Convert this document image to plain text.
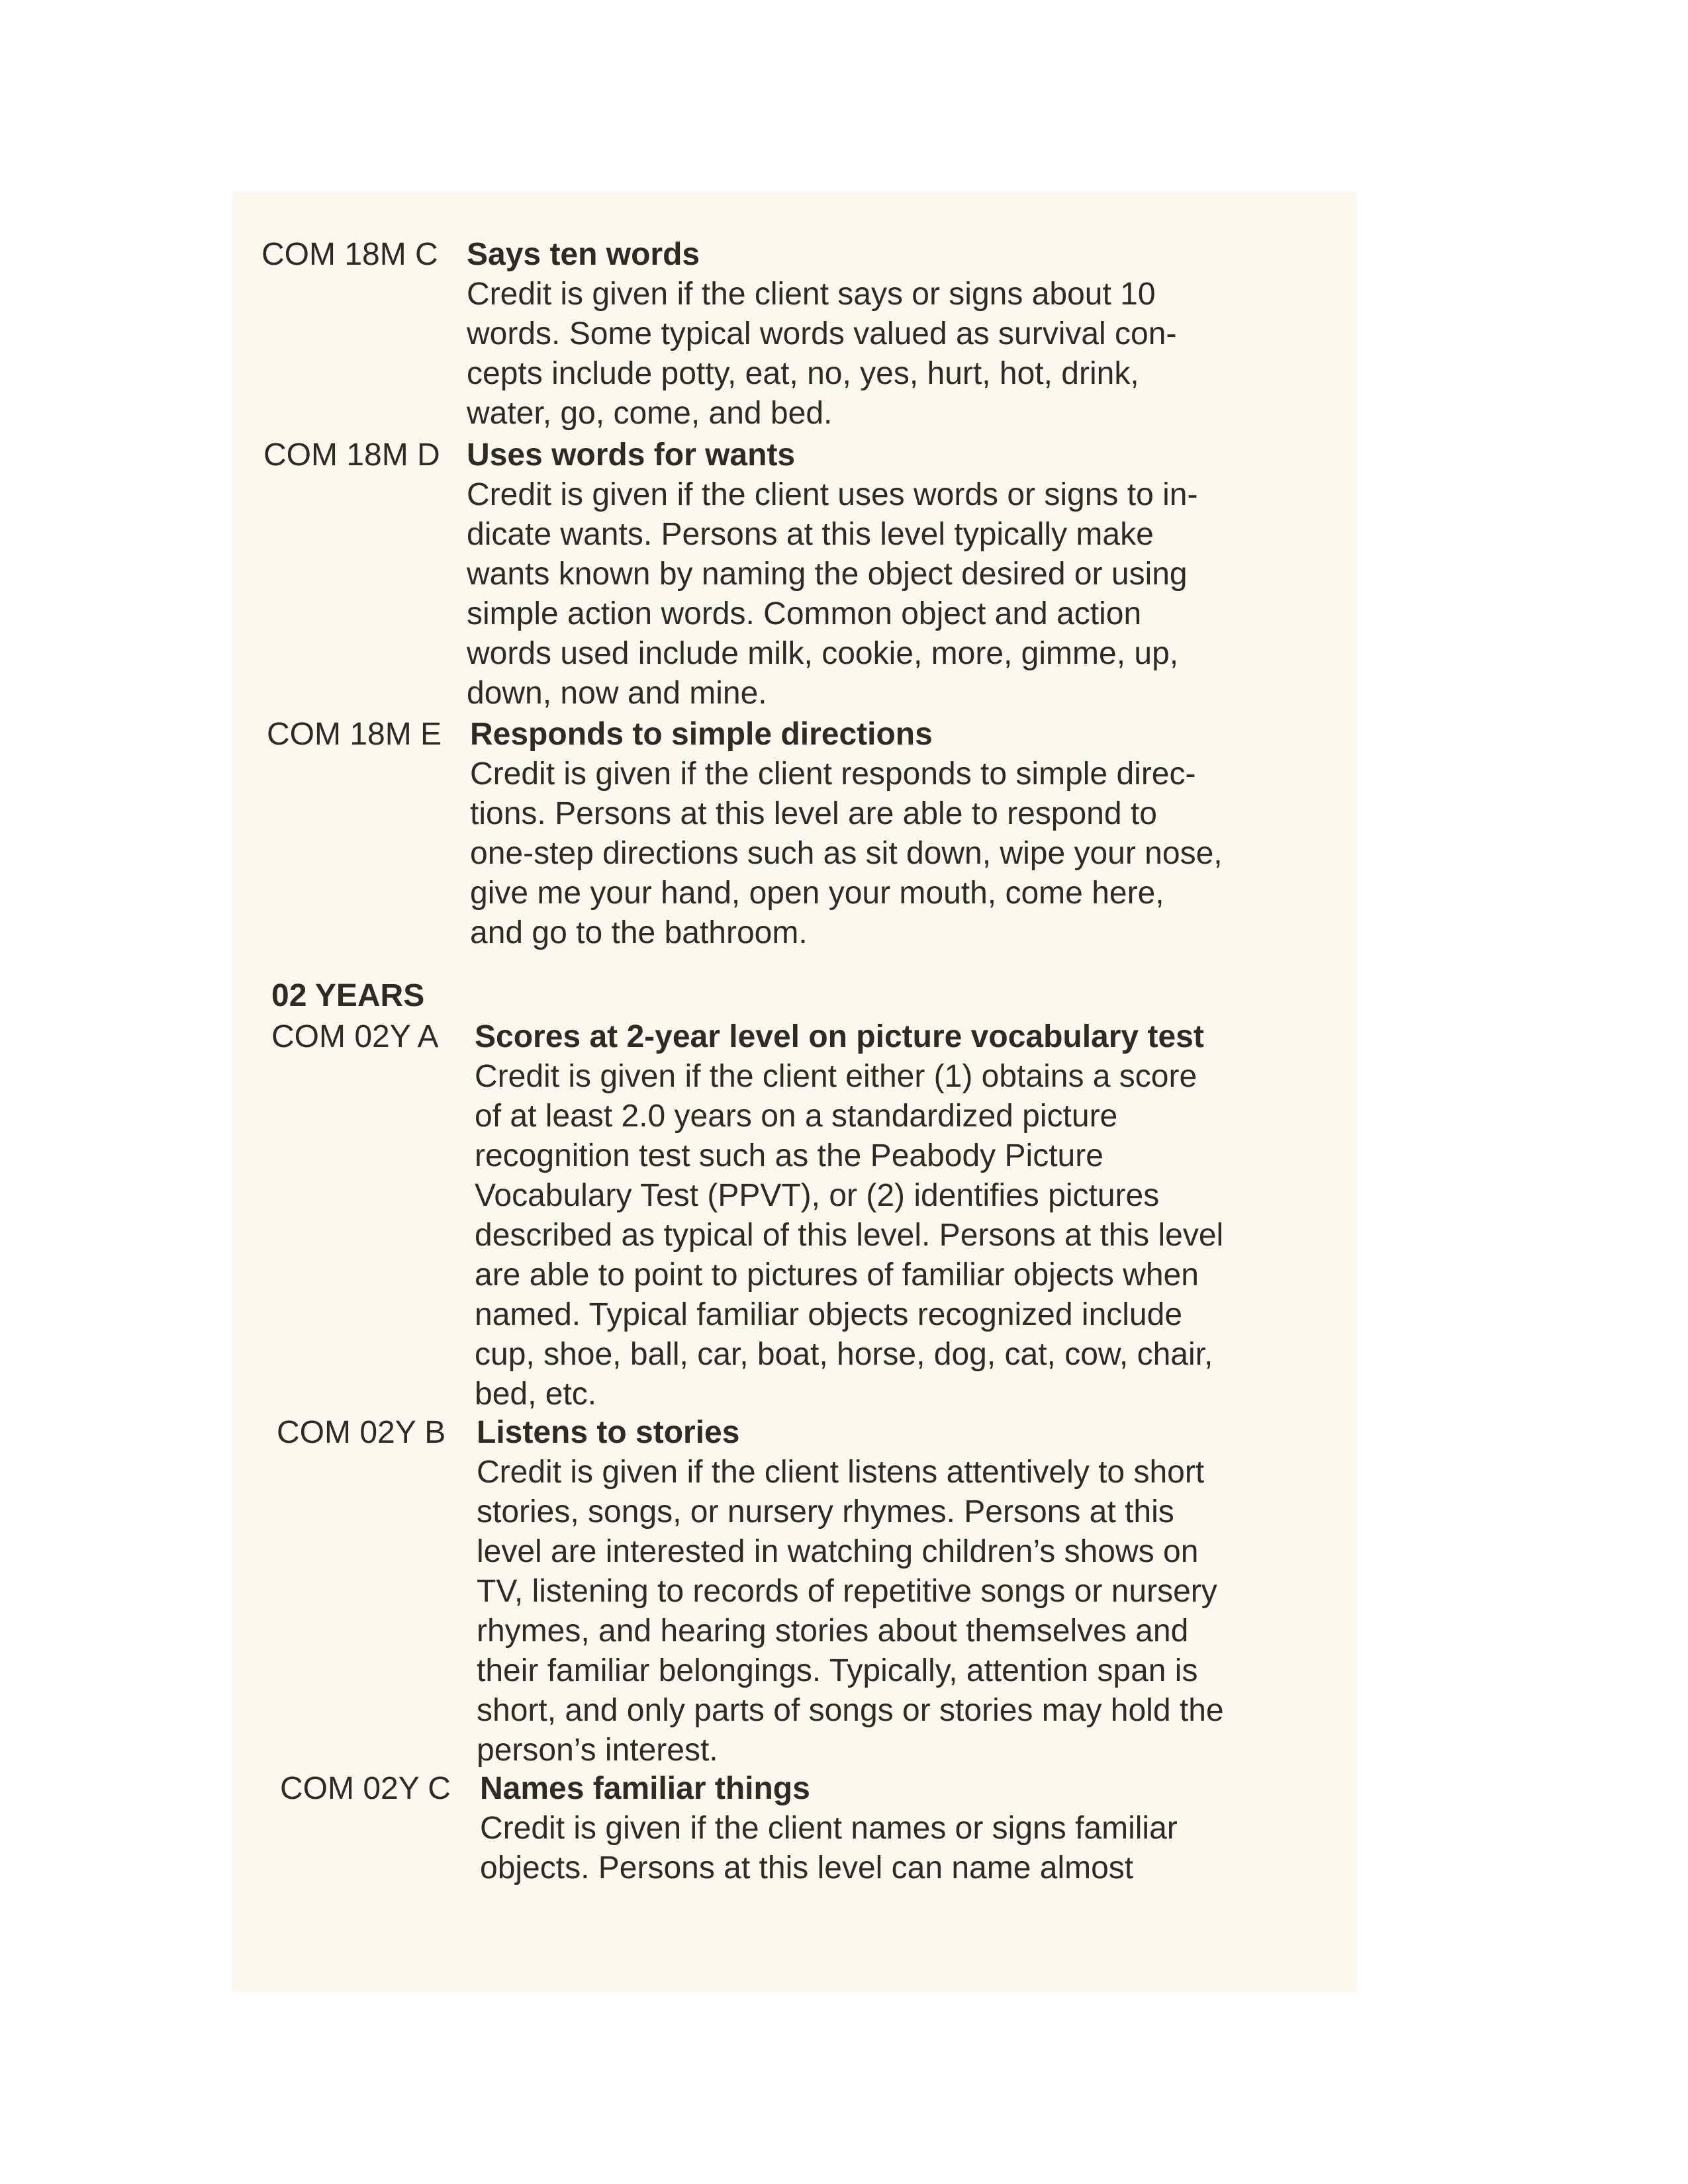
COM 18M C Says ten words
Credit is given if the client says or signs about 10
words. Some typical words valued as survival con-
cepts include potty, eat, no, yes, hurt, hot, drink,
water, go, come, and bed.
COM 18M D Uses words for wants
Credit is given if the client uses words or signs to in-
dicate wants. Persons at this level typically make
wants known by naming the object desired or using
simple action words. Common object and action
words used include milk, cookie, more, gimme, up,
down, now and mine.
COM 18M E Responds to simple directions
Credit is given if the client responds to simple direc-
tions. Persons at this level are able to respond to
one-step directions such as sit down, wipe your nose,
give me your hand, open your mouth, come here,
and go to the bathroom.
02 YEARS
COM 02Y A Scores at 2-year level on picture vocabulary test
Credit is given if the client either (1) obtains a score
of at least 2.0 years on a standardized picture
recognition test such as the Peabody Picture
Vocabulary Test (PPVT), or (2) identifies pictures
described as typical of this level. Persons at this level
are able to point to pictures of familiar objects when
named. Typical familiar objects recognized include
cup, shoe, ball, car, boat, horse, dog, cat, cow, chair,
bed, etc.
COM 02Y B Listens to stories
Credit is given if the client listens attentively to short
stories, songs, or nursery rhymes. Persons at this
level are interested in watching children’s shows on
TV, listening to records of repetitive songs or nursery
rhymes, and hearing stories about themselves and
their familiar belongings. Typically, attention span is
short, and only parts of songs or stories may hold the
person’s interest.
COM 02Y C Names familiar things
Credit is given if the client names or signs familiar
objects. Persons at this level can name almost
